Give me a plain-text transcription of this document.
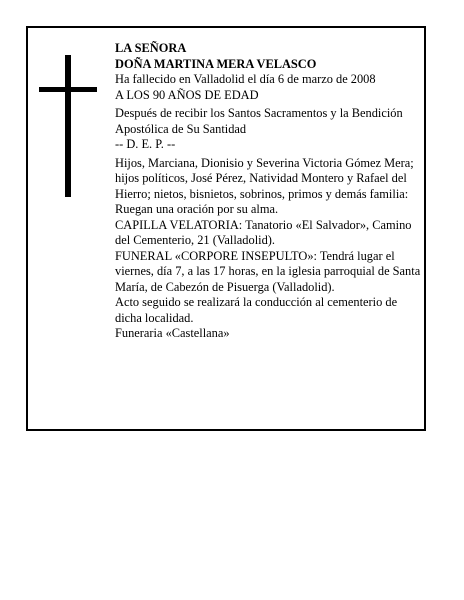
LA SEÑORA

DOÑA MARTINA MERA VELASCO

Ha fallecido en Valladolid el día 6 de marzo de 2008

A LOS 90 AÑOS DE EDAD

Después de recibir los Santos Sacramentos y la Bendición Apostólica de Su Santidad

-- D. E. P. --

Hijos, Marciana, Dionisio y Severina Victoria Gómez Mera; hijos políticos, José Pérez, Natividad Montero y Rafael del Hierro; nietos, bisnietos, sobrinos, primos y demás familia:

Ruegan una oración por su alma.

CAPILLA VELATORIA: Tanatorio «El Salvador», Camino del Cementerio, 21 (Valladolid).

FUNERAL «CORPORE INSEPULTO»: Tendrá lugar el viernes, día 7, a las 17 horas, en la iglesia parroquial de Santa María, de Cabezón de Pisuerga (Valladolid).

Acto seguido se realizará la conducción al cementerio de dicha localidad.

Funeraria «Castellana»
